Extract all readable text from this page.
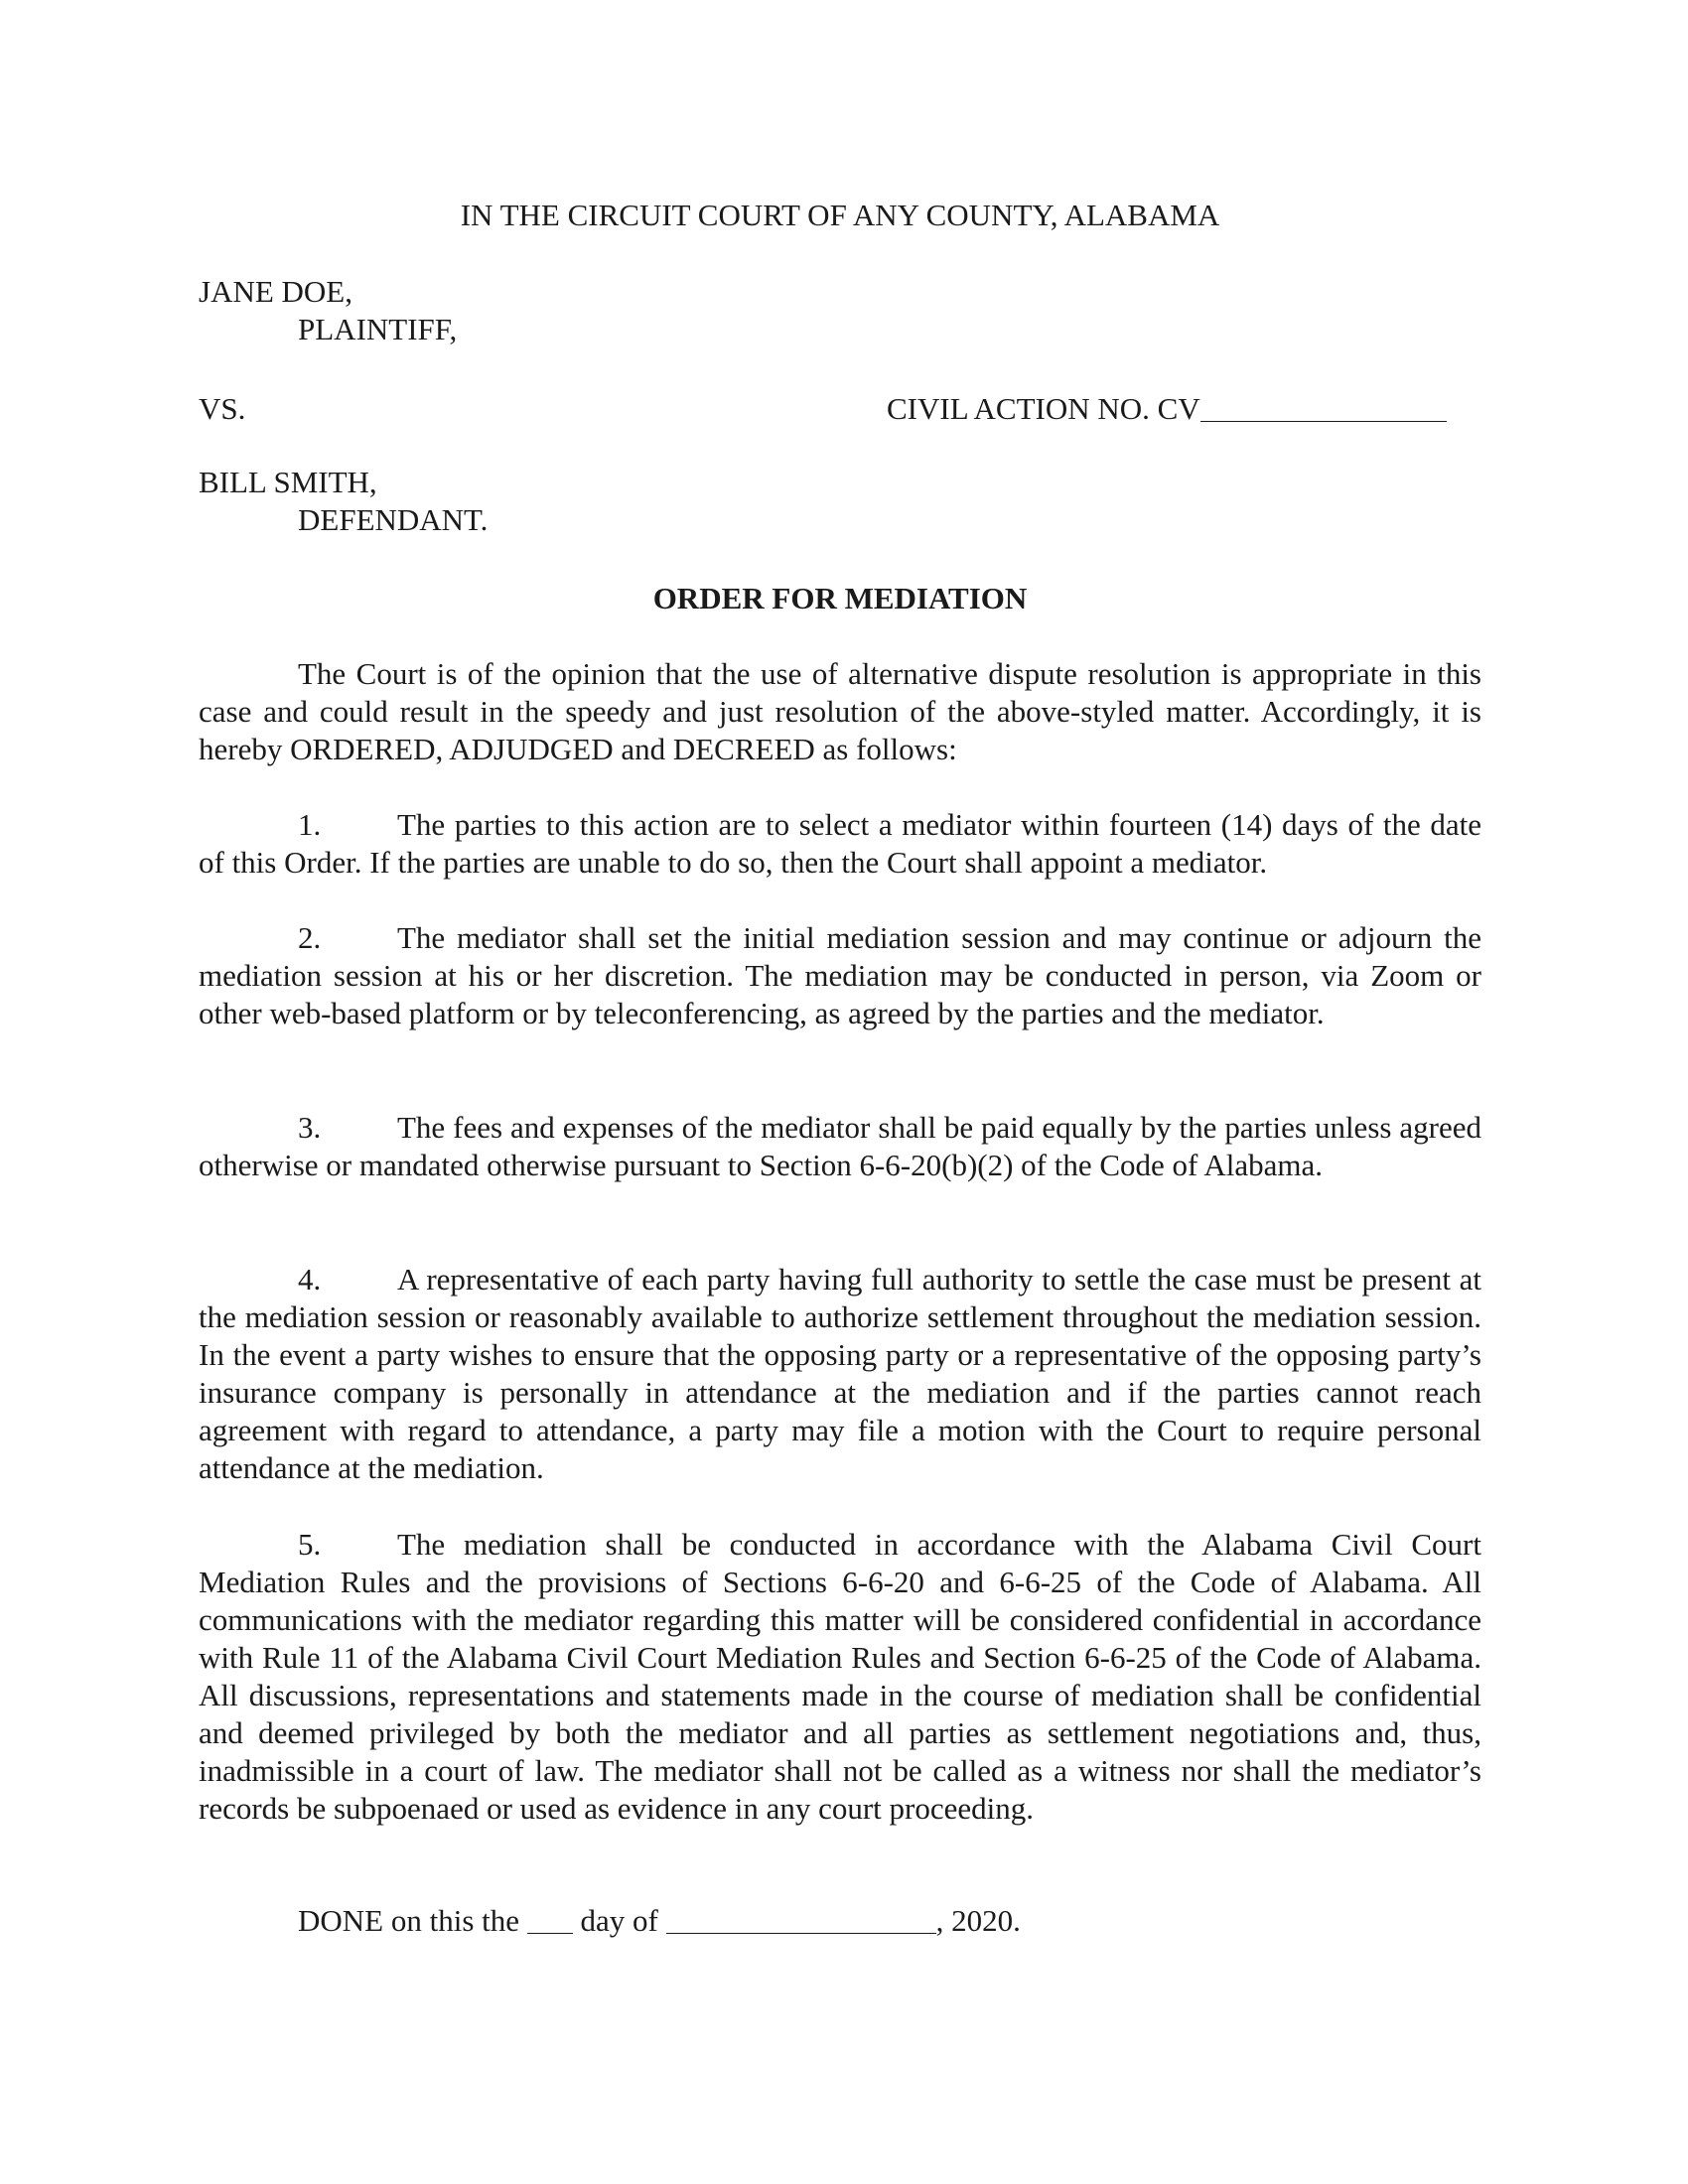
IN THE CIRCUIT COURT OF ANY COUNTY, ALABAMA
JANE DOE,
PLAINTIFF,
VS.	CIVIL ACTION NO. CV
BILL SMITH,
DEFENDANT.
ORDER FOR MEDIATION

The Court is of the opinion that the use of alternative dispute resolution is appropriate in this case and could result in the speedy and just resolution of the above-styled matter. Accordingly, it is hereby ORDERED, ADJUDGED and DECREED as follows:

1. The parties to this action are to select a mediator within fourteen (14) days of the date of this Order. If the parties are unable to do so, then the Court shall appoint a mediator.

2. The mediator shall set the initial mediation session and may continue or adjourn the mediation session at his or her discretion. The mediation may be conducted in person, via Zoom or other web-based platform or by teleconferencing, as agreed by the parties and the mediator.

3. The fees and expenses of the mediator shall be paid equally by the parties unless agreed otherwise or mandated otherwise pursuant to Section 6-6-20(b)(2) of the Code of Alabama.

4. A representative of each party having full authority to settle the case must be present at the mediation session or reasonably available to authorize settlement throughout the mediation session. In the event a party wishes to ensure that the opposing party or a representative of the opposing party’s insurance company is personally in attendance at the mediation and if the parties cannot reach agreement with regard to attendance, a party may file a motion with the Court to require personal attendance at the mediation.

5. The mediation shall be conducted in accordance with the Alabama Civil Court Mediation Rules and the provisions of Sections 6-6-20 and 6-6-25 of the Code of Alabama. All communications with the mediator regarding this matter will be considered confidential in accordance with Rule 11 of the Alabama Civil Court Mediation Rules and Section 6-6-25 of the Code of Alabama. All discussions, representations and statements made in the course of mediation shall be confidential and deemed privileged by both the mediator and all parties as settlement negotiations and, thus, inadmissible in a court of law. The mediator shall not be called as a witness nor shall the mediator’s records be subpoenaed or used as evidence in any court proceeding.

DONE on this the day of	, 2020.
